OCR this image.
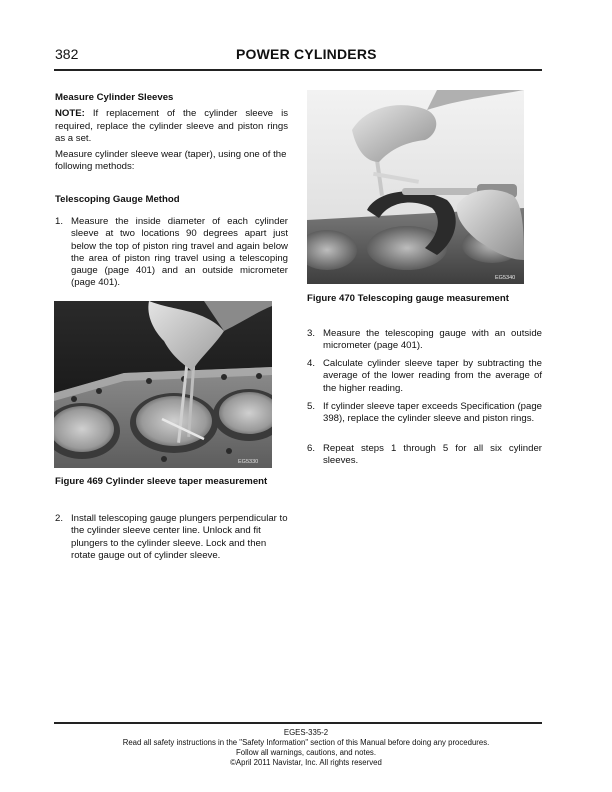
382	POWER CYLINDERS

Measure Cylinder Sleeves

NOTE: If replacement of the cylinder sleeve is required, replace the cylinder sleeve and piston rings as a set.

Measure cylinder sleeve wear (taper), using one of the following methods:

Telescoping Gauge Method

1. Measure the inside diameter of each cylinder sleeve at two locations 90 degrees apart just below the top of piston ring travel and again below the area of piston ring travel using a telescoping gauge (page 401) and an outside micrometer (page 401).
EG5330
Figure 469 Cylinder sleeve taper measurement
2. Install telescoping gauge plungers perpendicular to the cylinder sleeve center line. Unlock and fit plungers to the cylinder sleeve. Lock and then rotate gauge out of cylinder sleeve.
EG5340
Figure 470 Telescoping gauge measurement
3. Measure the telescoping gauge with an outside micrometer (page 401).
4. Calculate cylinder sleeve taper by subtracting the average of the lower reading from the average of the higher reading.
5. If cylinder sleeve taper exceeds Specification (page 398), replace the cylinder sleeve and piston rings.
6. Repeat steps 1 through 5 for all six cylinder sleeves.
EGES-335-2
Read all safety instructions in the "Safety Information" section of this Manual before doing any procedures.
Follow all warnings, cautions, and notes.
©April 2011 Navistar, Inc. All rights reserved
